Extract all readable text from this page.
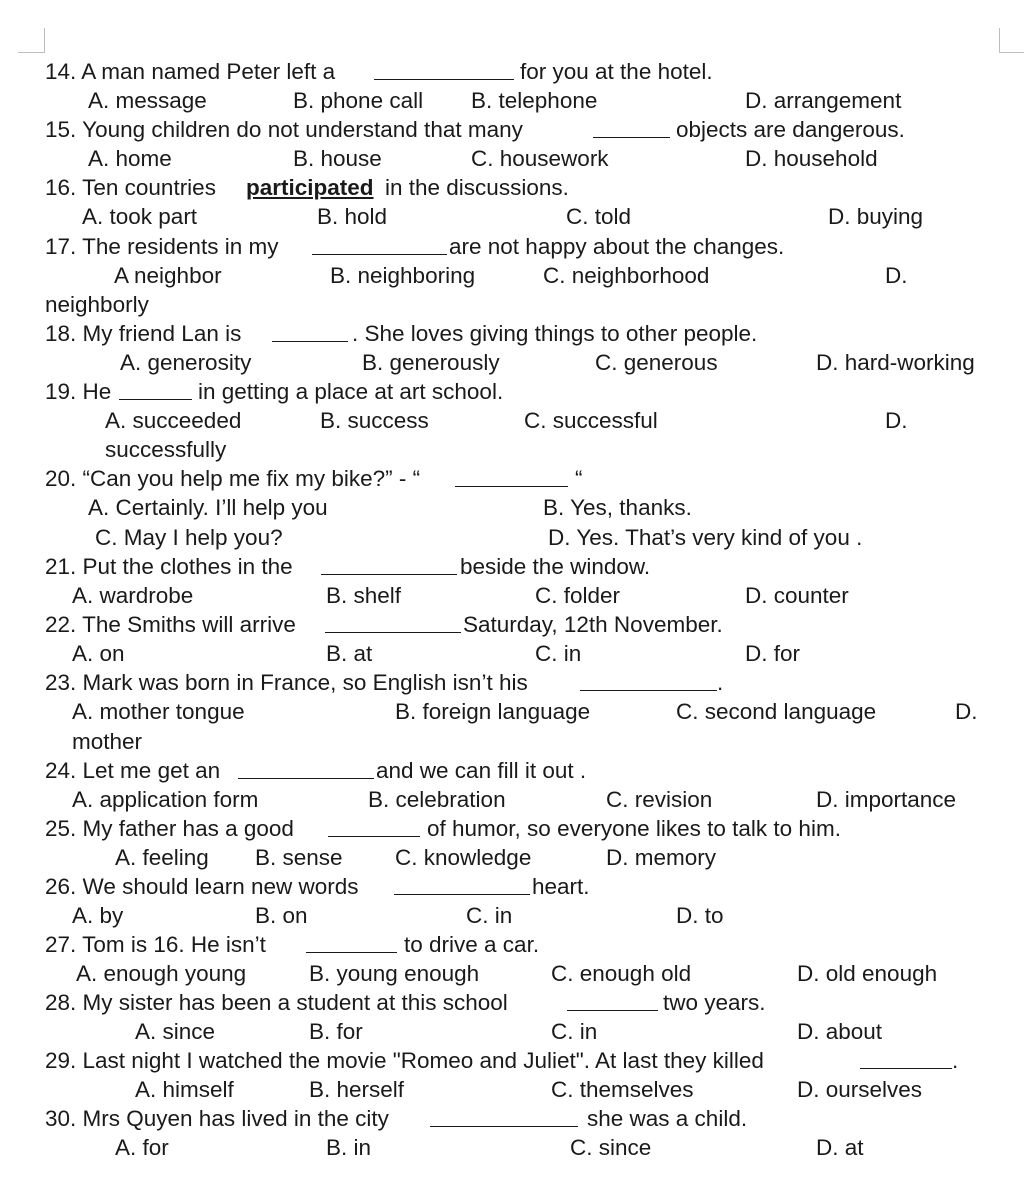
14. A man named Peter left a	for you at the hotel.
A. message	B. phone call B. telephone	D. arrangement
15. Young children do not understand that many	objects are dangerous.
A. home	B. house	C. housework	D. household
16. Ten countries participated in the discussions.
A. took part	B. hold	C. told	D. buying
17. The residents in my	are not happy about the changes.
A neighbor	B. neighboring	C. neighborhood	D.
neighborly
18. My friend Lan is	. She loves giving things to other people.
A. generosity	B. generously	C. generous	D. hard-working
19. He	in getting a place at art school.
A. succeeded	B. success	C. successful	D.
successfully
20. “Can you help me fix my bike?” - “	“
A. Certainly. I’ll help you	B. Yes, thanks.
C. May I help you?	D. Yes. That’s very kind of you .
21. Put the clothes in the	beside the window.
A. wardrobe	B. shelf	C. folder	D. counter
22. The Smiths will arrive	Saturday, 12th November.
A. on	B. at	C. in	D. for
23. Mark was born in France, so English isn’t his	.
A. mother tongue	B. foreign language	C. second language	D.
mother
24. Let me get an	and we can fill it out .
A. application form	B. celebration	C. revision	D. importance
25. My father has a good	of humor, so everyone likes to talk to him.
A. feeling B. sense C. knowledge	D. memory
26. We should learn new words	heart.
A. by	B. on	C. in	D. to
27. Tom is 16. He isn’t	to drive a car.
A. enough young	B. young enough	C. enough old	D. old enough
28. My sister has been a student at this school	two years.
A. since	B. for	C. in	D. about
29. Last night I watched the movie "Romeo and Juliet". At last they killed	.
A. himself	B. herself	C. themselves	D. ourselves
30. Mrs Quyen has lived in the city	she was a child.
A. for	B. in	C. since	D. at
